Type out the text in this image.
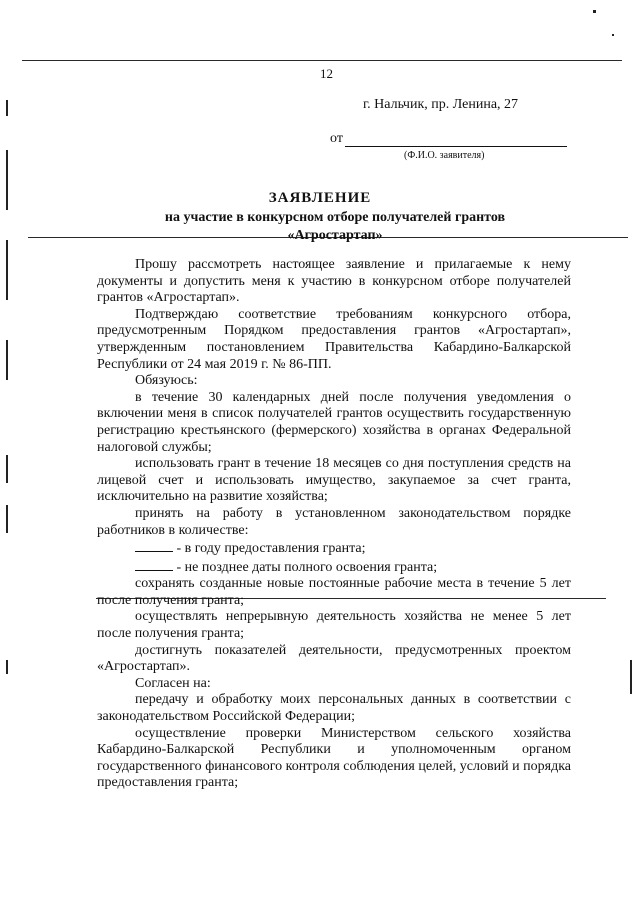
12
г. Нальчик, пр. Ленина, 27
от
(Ф.И.О. заявителя)
ЗАЯВЛЕНИЕ
на участие в конкурсном отборе получателей грантов
«Агростартап»

Прошу рассмотреть настоящее заявление и прилагаемые к нему документы и допустить меня к участию в конкурсном отборе получателей грантов «Агростартап».

Подтверждаю соответствие требованиям конкурсного отбора, предусмотренным Порядком предоставления грантов «Агростартап», утвержденным постановлением Правительства Кабардино-Балкарской Республики от 24 мая 2019 г. № 86-ПП.

Обязуюсь:

в течение 30 календарных дней после получения уведомления о включении меня в список получателей грантов осуществить государственную регистрацию крестьянского (фермерского) хозяйства в органах Федеральной налоговой службы;

использовать грант в течение 18 месяцев со дня поступления средств на лицевой счет и использовать имущество, закупаемое за счет гранта, исключительно на развитие хозяйства;

принять на работу в установленном законодательством порядке работников в количестве:

- в году предоставления гранта;

- не позднее даты полного освоения гранта;

сохранять созданные новые постоянные рабочие места в течение 5 лет после получения гранта;

осуществлять непрерывную деятельность хозяйства не менее 5 лет после получения гранта;

достигнуть показателей деятельности, предусмотренных проектом «Агростартап».

Согласен на:

передачу и обработку моих персональных данных в соответствии с законодательством Российской Федерации;

осуществление проверки Министерством сельского хозяйства Кабардино-Балкарской Республики и уполномоченным органом государственного финансового контроля соблюдения целей, условий и порядка предоставления гранта;
